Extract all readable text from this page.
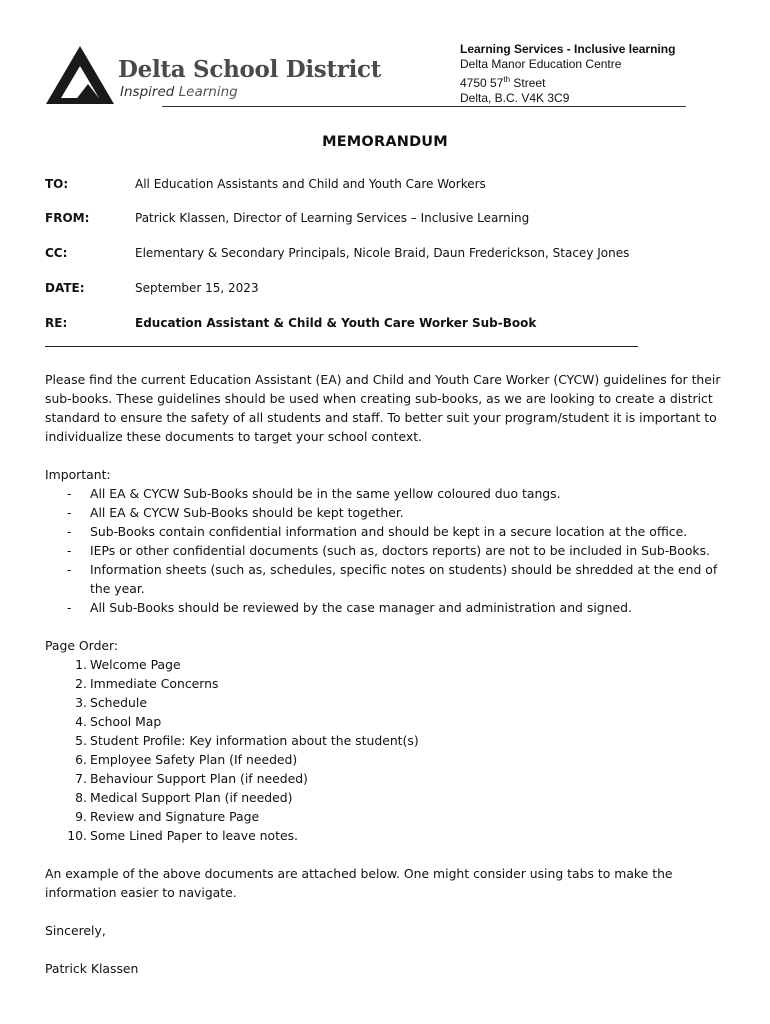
Delta School District
Inspired Learning
Learning Services - Inclusive learning
Delta Manor Education Centre
4750 57th Street
Delta, B.C. V4K 3C9
MEMORANDUM
TO:	All Education Assistants and Child and Youth Care Workers
FROM:	Patrick Klassen, Director of Learning Services – Inclusive Learning
CC:	Elementary & Secondary Principals, Nicole Braid, Daun Frederickson, Stacey Jones
DATE:	September 15, 2023
RE:	Education Assistant & Child & Youth Care Worker Sub-Book

Please find the current Education Assistant (EA) and Child and Youth Care Worker (CYCW) guidelines for their sub-books. These guidelines should be used when creating sub-books, as we are looking to create a district standard to ensure the safety of all students and staff. To better suit your program/student it is important to individualize these documents to target your school context.

Important:

- All EA & CYCW Sub-Books should be in the same yellow coloured duo tangs.
- All EA & CYCW Sub-Books should be kept together.
- Sub-Books contain confidential information and should be kept in a secure location at the office.
- IEPs or other confidential documents (such as, doctors reports) are not to be included in Sub-Books.
- Information sheets (such as, schedules, specific notes on students) should be shredded at the end of the year.
- All Sub-Books should be reviewed by the case manager and administration and signed.

Page Order:

1. Welcome Page
2. Immediate Concerns
3. Schedule
4. School Map
5. Student Profile: Key information about the student(s)
6. Employee Safety Plan (If needed)
7. Behaviour Support Plan (if needed)
8. Medical Support Plan (if needed)
9. Review and Signature Page
10. Some Lined Paper to leave notes.

An example of the above documents are attached below. One might consider using tabs to make the information easier to navigate.

Sincerely,

Patrick Klassen
